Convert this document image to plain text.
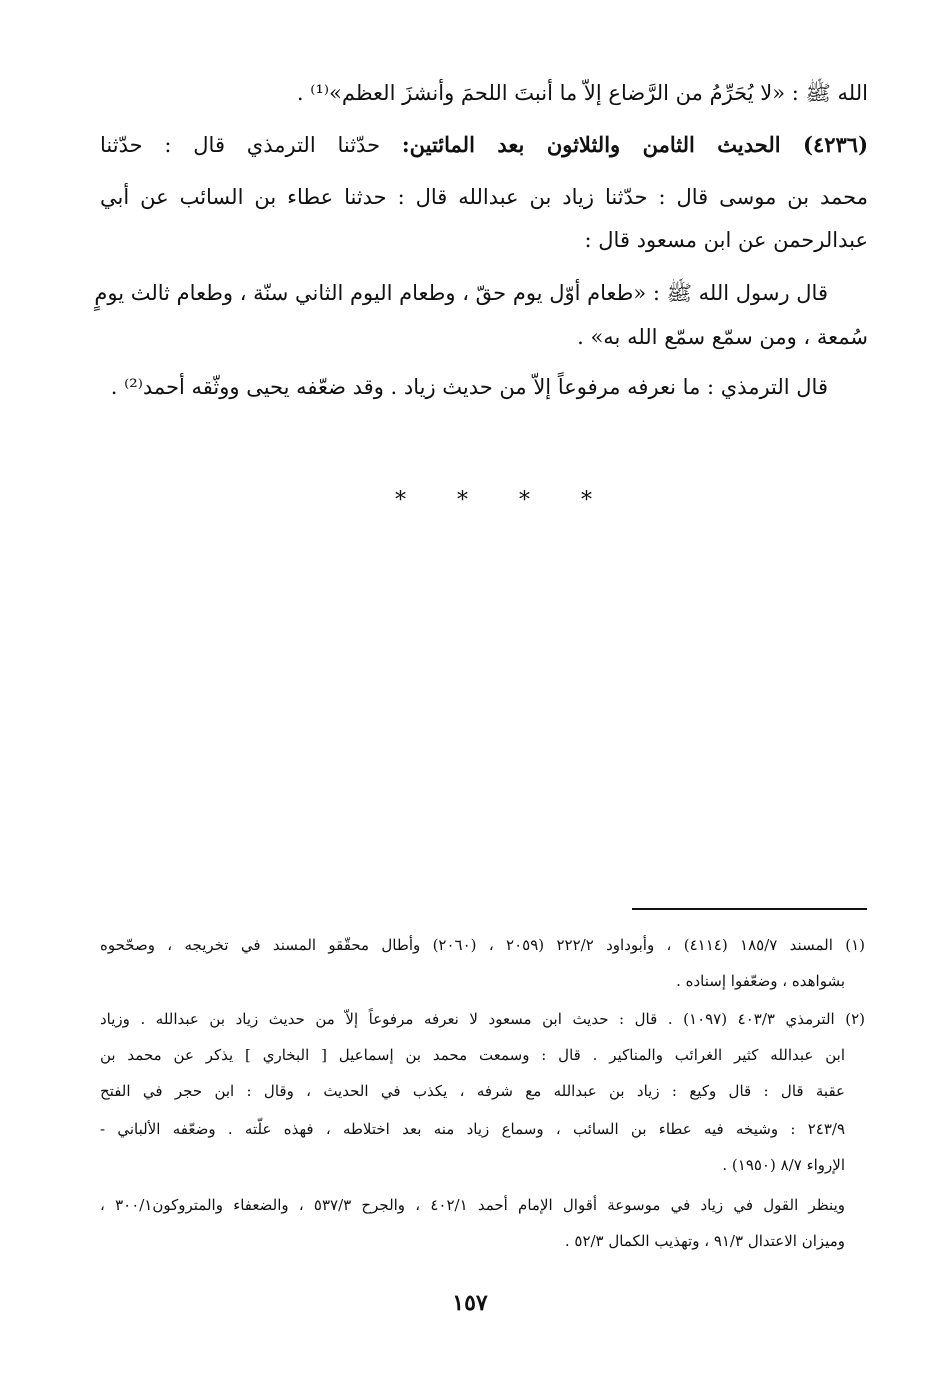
الله ﷺ : «لا يُحَرِّمُ من الرَّضاع إلاّ ما أنبتَ اللحمَ وأنشزَ العظم»⁽¹⁾ .
(٤٢٣٦) الحديث الثامن والثلاثون بعد المائتين: حدّثنا الترمذي قال : حدّثنا
محمد بن موسى قال : حدّثنا زياد بن عبدالله قال : حدثنا عطاء بن السائب عن أبي
عبدالرحمن عن ابن مسعود قال :
قال رسول الله ﷺ : «طعام أوّل يوم حقّ ، وطعام اليوم الثاني سنّة ، وطعام ثالث يومٍ
سُمعة ، ومن سمّع سمّع الله به» .
قال الترمذي : ما نعرفه مرفوعاً إلاّ من حديث زياد . وقد ضعّفه يحيى ووثّقه أحمد⁽²⁾ .
* * * *
(١) المسند ١٨٥/٧ (٤١١٤) ، وأبوداود ٢٢٢/٢ (٢٠٥٩ ، (٢٠٦٠) وأطال محقّقو المسند في تخريجه ، وصحّحوه
بشواهده ، وضعّفوا إسناده .
(٢) الترمذي ٤٠٣/٣ (١٠٩٧) . قال : حديث ابن مسعود لا نعرفه مرفوعاً إلاّ من حديث زياد بن عبدالله . وزياد
ابن عبدالله كثير الغرائب والمناكير . قال : وسمعت محمد بن إسماعيل [ البخاري ] يذكر عن محمد بن
عقبة قال : قال وكيع : زياد بن عبدالله مع شرفه ، يكذب في الحديث ، وقال : ابن حجر في الفتح
٢٤٣/٩ : وشيخه فيه عطاء بن السائب ، وسماع زياد منه بعد اختلاطه ، فهذه علّته . وضعّفه الألباني -
الإرواء ٨/٧ (١٩٥٠) .
وينظر القول في زياد في موسوعة أقوال الإمام أحمد ٤٠٢/١ ، والجرح ٥٣٧/٣ ، والضعفاء والمتروكون٣٠٠/١ ،
وميزان الاعتدال ٩١/٣ ، وتهذيب الكمال ٥٢/٣ .
١٥٧
